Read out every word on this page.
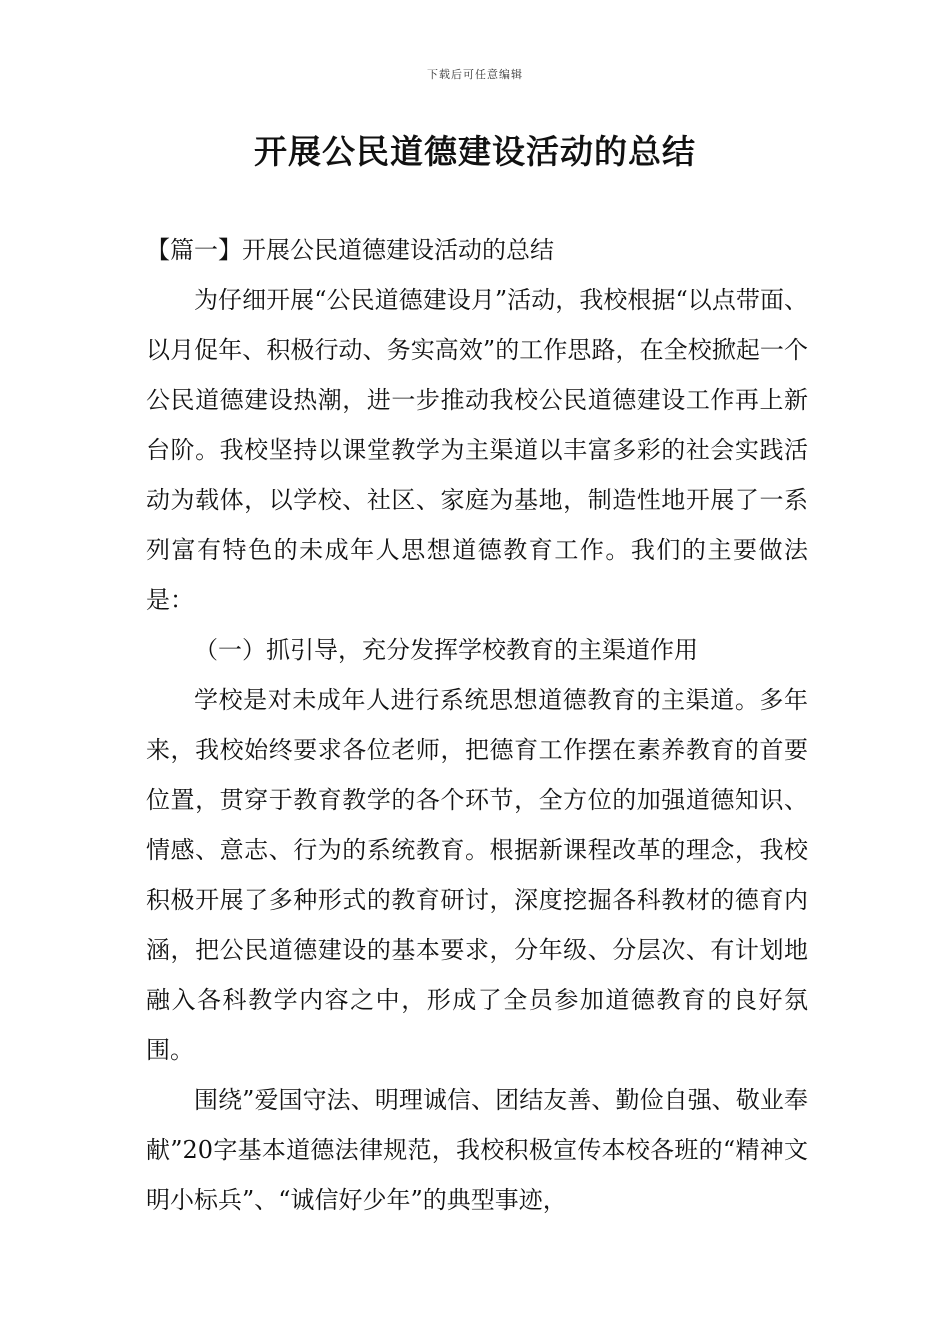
下载后可任意编辑
开展公民道德建设活动的总结

【篇一】开展公民道德建设活动的总结

为仔细开展“公民道德建设月”活动，我校根据“以点带面、以月促年、积极行动、务实高效”的工作思路，在全校掀起一个公民道德建设热潮，进一步推动我校公民道德建设工作再上新台阶。我校坚持以课堂教学为主渠道以丰富多彩的社会实践活动为载体，以学校、社区、家庭为基地，制造性地开展了一系列富有特色的未成年人思想道德教育工作。我们的主要做法是：

（一）抓引导，充分发挥学校教育的主渠道作用

学校是对未成年人进行系统思想道德教育的主渠道。多年来，我校始终要求各位老师，把德育工作摆在素养教育的首要位置，贯穿于教育教学的各个环节，全方位的加强道德知识、情感、意志、行为的系统教育。根据新课程改革的理念，我校积极开展了多种形式的教育研讨，深度挖掘各科教材的德育内涵，把公民道德建设的基本要求，分年级、分层次、有计划地融入各科教学内容之中，形成了全员参加道德教育的良好氛围。

围绕”爱国守法、明理诚信、团结友善、勤俭自强、敬业奉献”20字基本道德法律规范，我校积极宣传本校各班的“精神文明小标兵”、“诚信好少年”的典型事迹，
